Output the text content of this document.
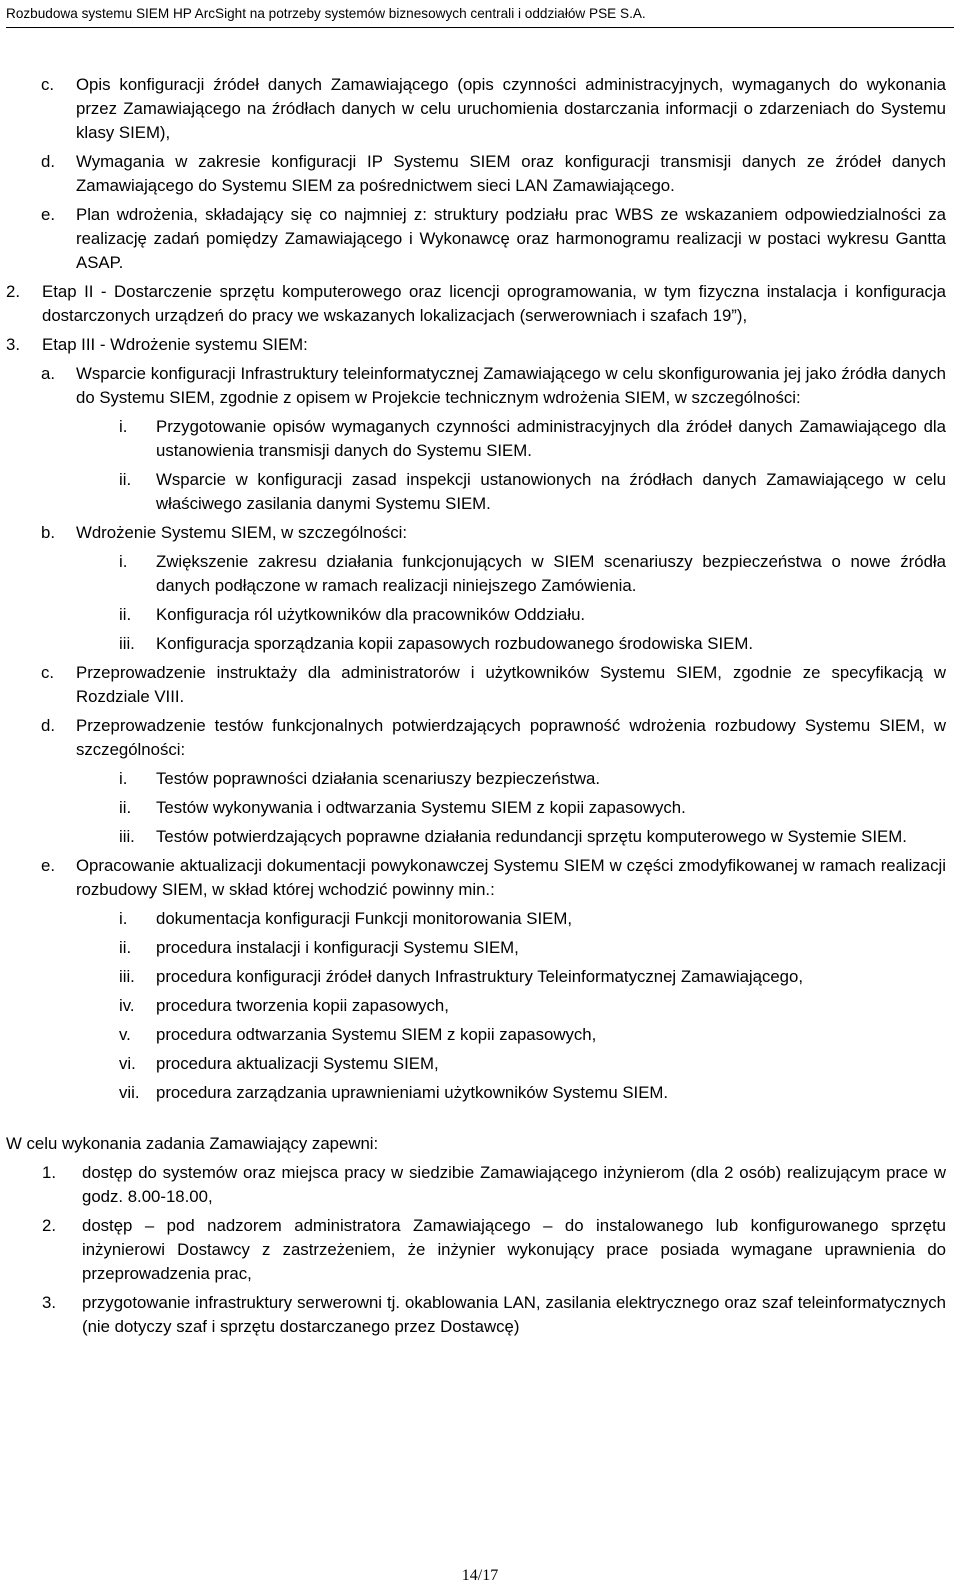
Rozbudowa systemu SIEM HP ArcSight na potrzeby systemów biznesowych centrali i oddziałów PSE S.A.
c.	Opis konfiguracji źródeł danych Zamawiającego (opis czynności administracyjnych, wymaganych do wykonania przez Zamawiającego na źródłach danych w celu uruchomienia dostarczania informacji o zdarzeniach do Systemu klasy SIEM),
d.	Wymagania w zakresie konfiguracji IP Systemu SIEM oraz konfiguracji transmisji danych ze źródeł danych Zamawiającego do Systemu SIEM za pośrednictwem sieci LAN Zamawiającego.
e.	Plan wdrożenia, składający się co najmniej z: struktury podziału prac WBS ze wskazaniem odpowiedzialności za realizację zadań pomiędzy Zamawiającego i Wykonawcę oraz harmonogramu realizacji w postaci wykresu Gantta ASAP.
2.	Etap II - Dostarczenie sprzętu komputerowego oraz licencji oprogramowania, w tym fizyczna instalacja i konfiguracja dostarczonych urządzeń do pracy we wskazanych lokalizacjach (serwerowniach i szafach 19”),
3.	Etap III - Wdrożenie systemu SIEM:
a.	Wsparcie konfiguracji Infrastruktury teleinformatycznej Zamawiającego w celu skonfigurowania jej jako źródła danych do Systemu SIEM, zgodnie z opisem w Projekcie technicznym wdrożenia SIEM, w szczególności:
i.	Przygotowanie opisów wymaganych czynności administracyjnych dla źródeł danych Zamawiającego dla ustanowienia transmisji danych do Systemu SIEM.
ii.	Wsparcie w konfiguracji zasad inspekcji ustanowionych na źródłach danych Zamawiającego w celu właściwego zasilania danymi Systemu SIEM.
b.	Wdrożenie Systemu SIEM, w szczególności:
i.	Zwiększenie zakresu działania funkcjonujących w SIEM scenariuszy bezpieczeństwa o nowe źródła danych podłączone w ramach realizacji niniejszego Zamówienia.
ii.	Konfiguracja ról użytkowników dla pracowników Oddziału.
iii.	Konfiguracja sporządzania kopii zapasowych rozbudowanego środowiska SIEM.
c.	Przeprowadzenie instruktaży dla administratorów i użytkowników Systemu SIEM, zgodnie ze specyfikacją w Rozdziale VIII.
d.	Przeprowadzenie testów funkcjonalnych potwierdzających poprawność wdrożenia rozbudowy Systemu SIEM, w szczególności:
i.	Testów poprawności działania scenariuszy bezpieczeństwa.
ii.	Testów wykonywania i odtwarzania Systemu SIEM z kopii zapasowych.
iii.	Testów potwierdzających poprawne działania redundancji sprzętu komputerowego w Systemie SIEM.
e.	Opracowanie aktualizacji dokumentacji powykonawczej Systemu SIEM w części zmodyfikowanej w ramach realizacji rozbudowy SIEM, w skład której wchodzić powinny min.:
i.	dokumentacja konfiguracji Funkcji monitorowania SIEM,
ii.	procedura instalacji i konfiguracji Systemu SIEM,
iii.	procedura konfiguracji źródeł danych Infrastruktury Teleinformatycznej Zamawiającego,
iv.	procedura tworzenia kopii zapasowych,
v.	procedura odtwarzania Systemu SIEM z kopii zapasowych,
vi.	procedura aktualizacji Systemu SIEM,
vii. procedura zarządzania uprawnieniami użytkowników Systemu SIEM.
W celu wykonania zadania Zamawiający zapewni:
1.	dostęp do systemów oraz miejsca pracy w siedzibie Zamawiającego inżynierom (dla 2 osób) realizującym prace w godz. 8.00-18.00,
2.	dostęp – pod nadzorem administratora Zamawiającego – do instalowanego lub konfigurowanego sprzętu inżynierowi Dostawcy z zastrzeżeniem, że inżynier wykonujący prace posiada wymagane uprawnienia do przeprowadzenia prac,
3.	przygotowanie infrastruktury serwerowni tj. okablowania LAN, zasilania elektrycznego oraz szaf teleinformatycznych (nie dotyczy szaf i sprzętu dostarczanego przez Dostawcę)
14/17
